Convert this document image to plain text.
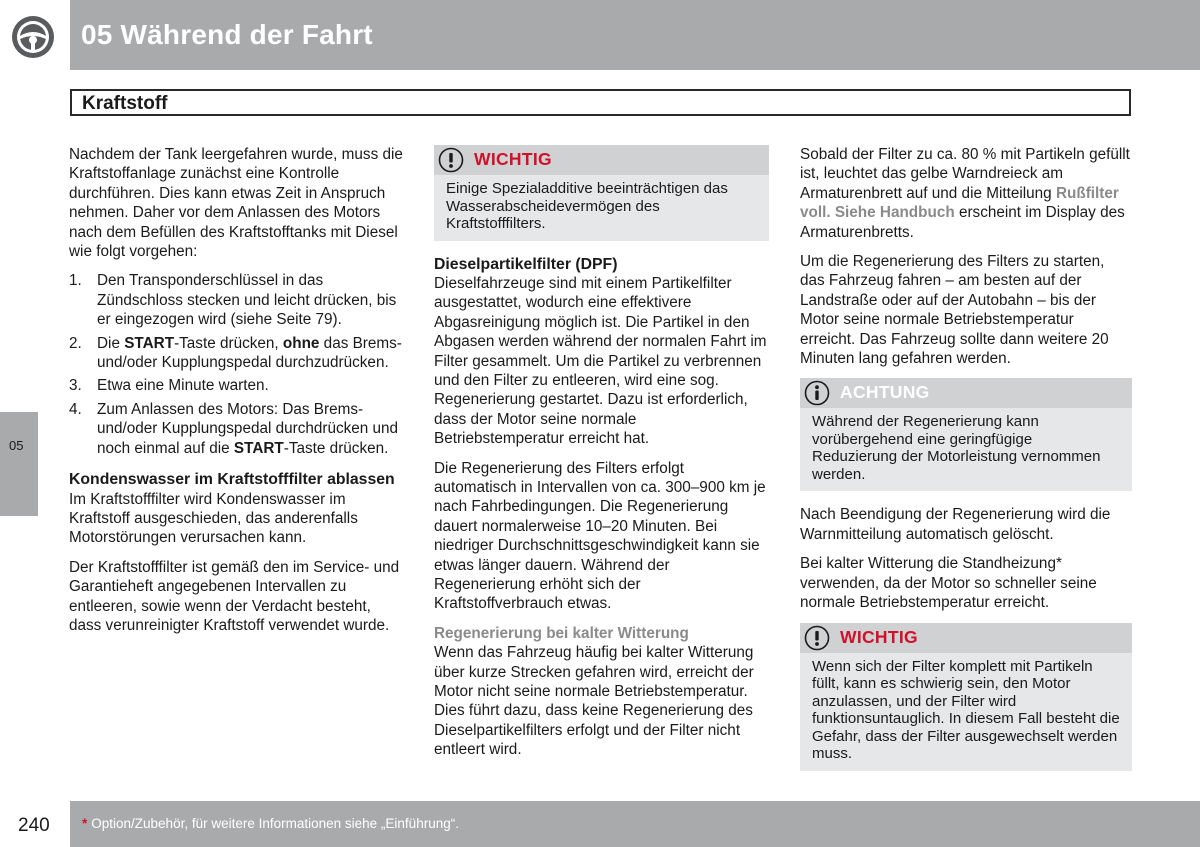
05 Während der Fahrt
05
Kraftstoff

Nachdem der Tank leergefahren wurde, muss die Kraftstoffanlage zunächst eine Kontrolle durchführen. Dies kann etwas Zeit in Anspruch nehmen. Daher vor dem Anlassen des Motors nach dem Befüllen des Kraftstofftanks mit Diesel wie folgt vorgehen:

1. Den Transponderschlüssel in das Zündschloss stecken und leicht drücken, bis er eingezogen wird (siehe Seite 79).
2. Die START-Taste drücken, ohne das Brems- und/oder Kupplungspedal durchzudrücken.
3. Etwa eine Minute warten.
4. Zum Anlassen des Motors: Das Brems- und/oder Kupplungspedal durchdrücken und noch einmal auf die START-Taste drücken.
Kondenswasser im Kraftstofffilter ablassen

Im Kraftstofffilter wird Kondenswasser im Kraftstoff ausgeschieden, das anderenfalls Motorstörungen verursachen kann.

Der Kraftstofffilter ist gemäß den im Service- und Garantieheft angegebenen Intervallen zu entleeren, sowie wenn der Verdacht besteht, dass verunreinigter Kraftstoff verwendet wurde.

WICHTIG
Einige Spezialadditive beeinträchtigen das Wasserabscheidevermögen des Kraftstofffilters.
Dieselpartikelfilter (DPF)

Dieselfahrzeuge sind mit einem Partikelfilter ausgestattet, wodurch eine effektivere Abgasreinigung möglich ist. Die Partikel in den Abgasen werden während der normalen Fahrt im Filter gesammelt. Um die Partikel zu verbrennen und den Filter zu entleeren, wird eine sog. Regenerierung gestartet. Dazu ist erforderlich, dass der Motor seine normale Betriebstemperatur erreicht hat.

Die Regenerierung des Filters erfolgt automatisch in Intervallen von ca. 300–900 km je nach Fahrbedingungen. Die Regenerierung dauert normalerweise 10–20 Minuten. Bei niedriger Durchschnittsgeschwindigkeit kann sie etwas länger dauern. Während der Regenerierung erhöht sich der Kraftstoffverbrauch etwas.

Regenerierung bei kalter Witterung

Wenn das Fahrzeug häufig bei kalter Witterung über kurze Strecken gefahren wird, erreicht der Motor nicht seine normale Betriebstemperatur. Dies führt dazu, dass keine Regenerierung des Dieselpartikelfilters erfolgt und der Filter nicht entleert wird.

Sobald der Filter zu ca. 80 % mit Partikeln gefüllt ist, leuchtet das gelbe Warndreieck am Armaturenbrett auf und die Mitteilung Rußfilter voll. Siehe Handbuch erscheint im Display des Armaturenbretts.

Um die Regenerierung des Filters zu starten, das Fahrzeug fahren – am besten auf der Landstraße oder auf der Autobahn – bis der Motor seine normale Betriebstemperatur erreicht. Das Fahrzeug sollte dann weitere 20 Minuten lang gefahren werden.

ACHTUNG
Während der Regenerierung kann vorübergehend eine geringfügige Reduzierung der Motorleistung vernommen werden.

Nach Beendigung der Regenerierung wird die Warnmitteilung automatisch gelöscht.

Bei kalter Witterung die Standheizung* verwenden, da der Motor so schneller seine normale Betriebstemperatur erreicht.

WICHTIG
Wenn sich der Filter komplett mit Partikeln füllt, kann es schwierig sein, den Motor anzulassen, und der Filter wird funktionsuntauglich. In diesem Fall besteht die Gefahr, dass der Filter ausgewechselt werden muss.
240 * Option/Zubehör, für weitere Informationen siehe „Einführung“.
